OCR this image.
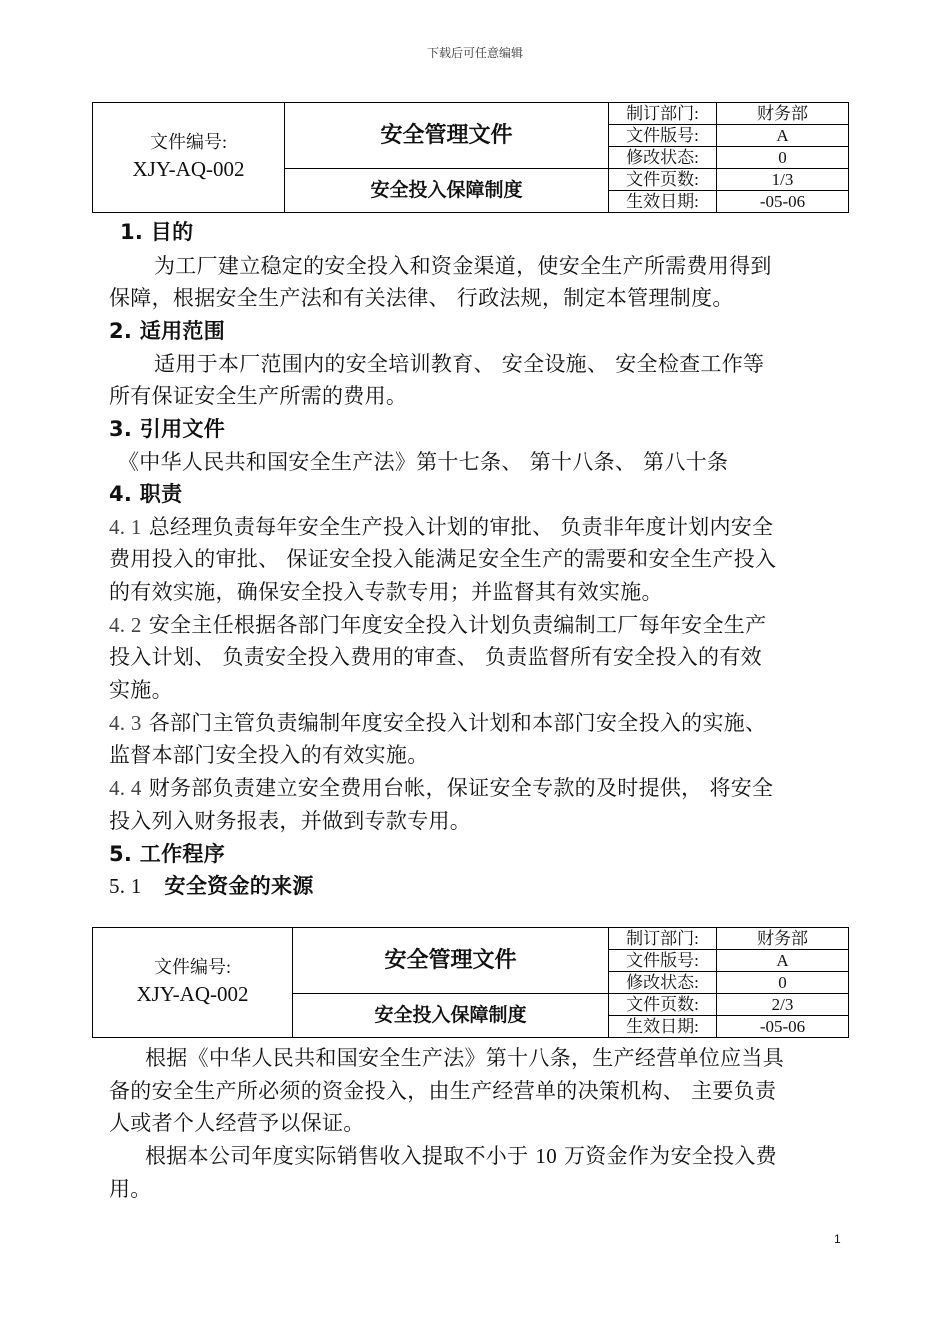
下载后可任意编辑
文件编号:
XJY-AQ-002	安全管理文件	制订部门:	财务部
		文件版号:	A
		修改状态:	0
	安全投入保障制度	文件页数:	1/3
		生效日期:	-05-06
1. 目的
为工厂建立稳定的安全投入和资金渠道，使安全生产所需费用得到
保障，根据安全生产法和有关法律、 行政法规，制定本管理制度。
2. 适用范围
适用于本厂范围内的安全培训教育、 安全设施、 安全检查工作等
所有保证安全生产所需的费用。
3. 引用文件
《中华人民共和国安全生产法》第十七条、 第十八条、 第八十条
4. 职责
4. 1 总经理负责每年安全生产投入计划的审批、 负责非年度计划内安全
费用投入的审批、 保证安全投入能满足安全生产的需要和安全生产投入
的有效实施，确保安全投入专款专用；并监督其有效实施。
4. 2 安全主任根据各部门年度安全投入计划负责编制工厂每年安全生产
投入计划、 负责安全投入费用的审查、 负责监督所有安全投入的有效
实施。
4. 3 各部门主管负责编制年度安全投入计划和本部门安全投入的实施、
监督本部门安全投入的有效实施。
4. 4 财务部负责建立安全费用台帐，保证安全专款的及时提供， 将安全
投入列入财务报表，并做到专款专用。
5. 工作程序
5. 1 安全资金的来源
文件编号:
XJY-AQ-002	安全管理文件	制订部门:	财务部
		文件版号:	A
		修改状态:	0
	安全投入保障制度	文件页数:	2/3
		生效日期:	-05-06
根据《中华人民共和国安全生产法》第十八条，生产经营单位应当具
备的安全生产所必须的资金投入，由生产经营单的决策机构、 主要负责
人或者个人经营予以保证。
根据本公司年度实际销售收入提取不小于 10 万资金作为安全投入费
用。
1
